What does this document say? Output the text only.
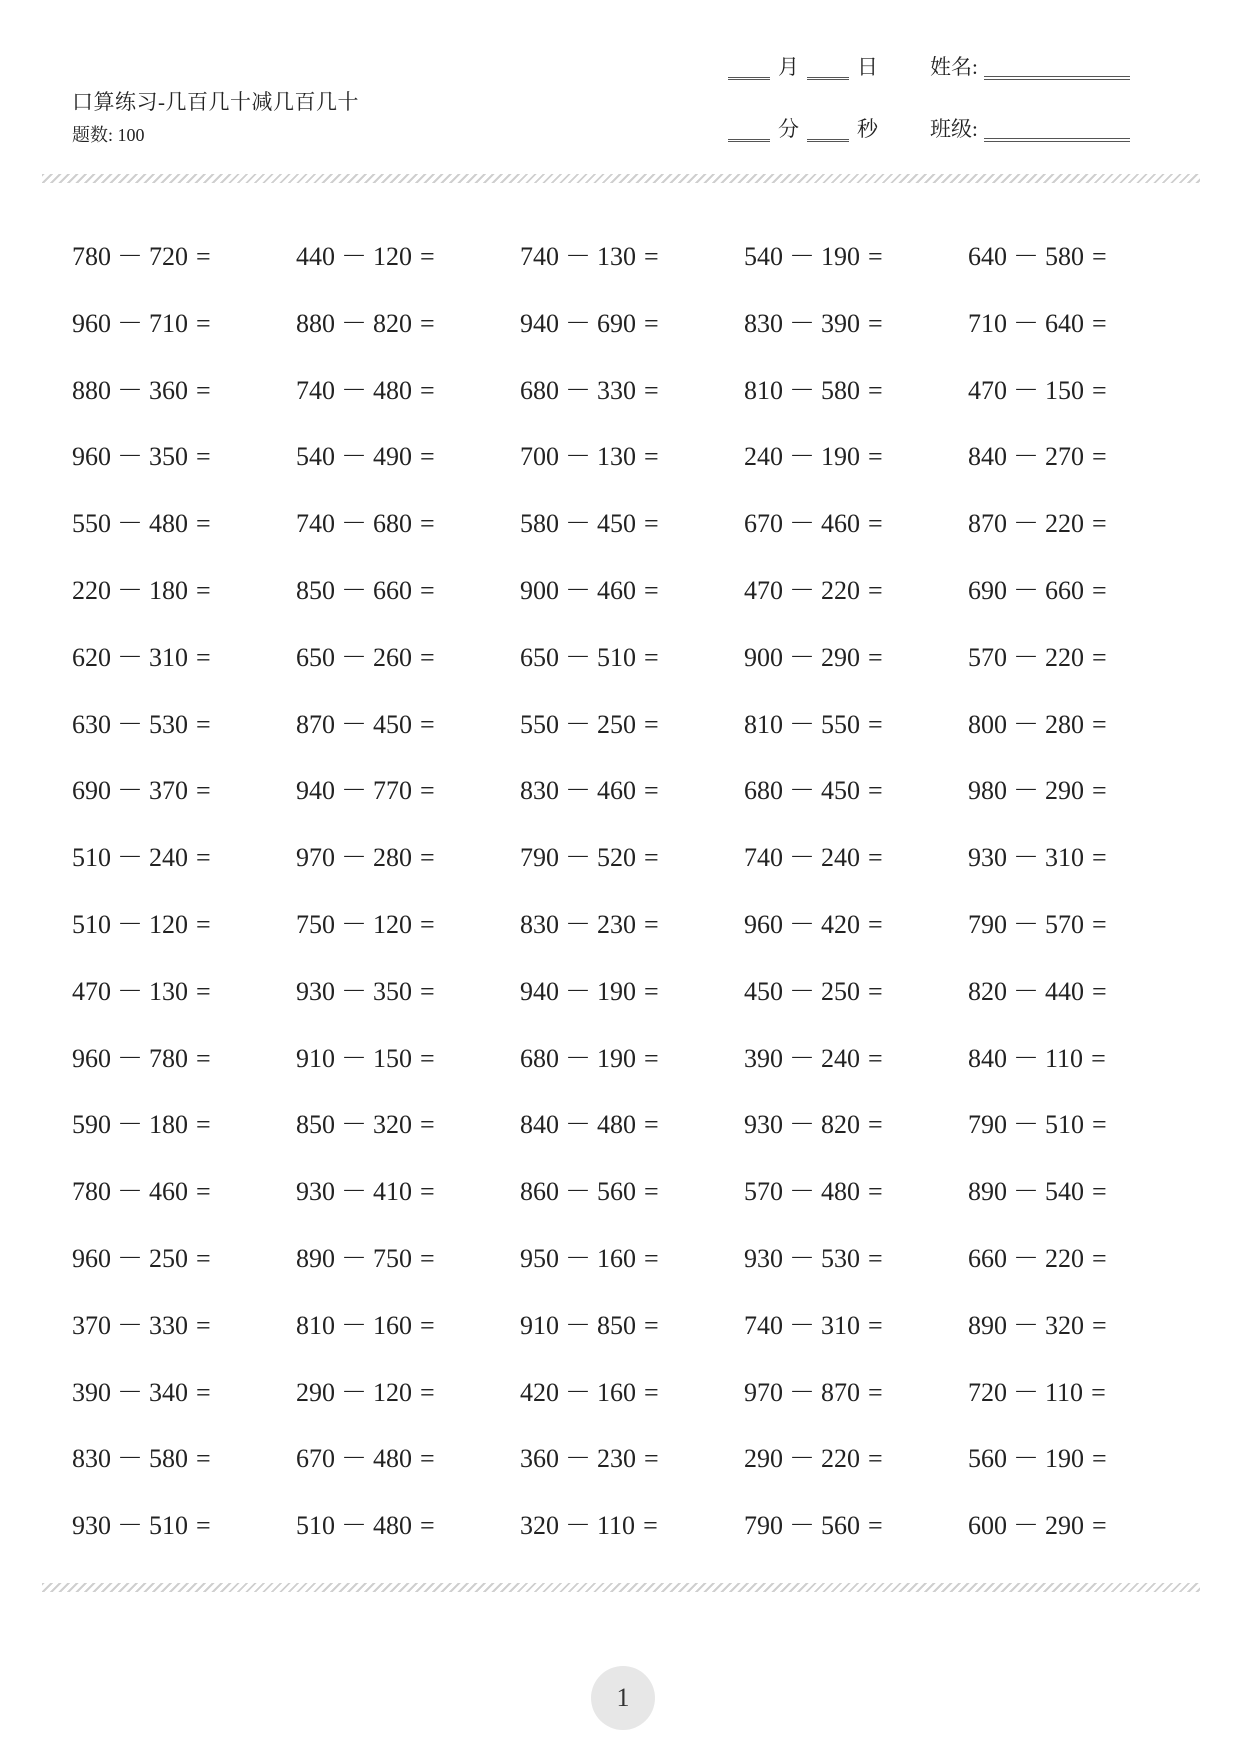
口算练习-几百几十减几百几十
题数: 100
月	日 姓名:
分	秒 班级:
780 － 720 =	440 － 120 =	740 － 130 =	540 － 190 =	640 － 580 =
960 － 710 =	880 － 820 =	940 － 690 =	830 － 390 =	710 － 640 =
880 － 360 =	740 － 480 =	680 － 330 =	810 － 580 =	470 － 150 =
960 － 350 =	540 － 490 =	700 － 130 =	240 － 190 =	840 － 270 =
550 － 480 =	740 － 680 =	580 － 450 =	670 － 460 =	870 － 220 =
220 － 180 =	850 － 660 =	900 － 460 =	470 － 220 =	690 － 660 =
620 － 310 =	650 － 260 =	650 － 510 =	900 － 290 =	570 － 220 =
630 － 530 =	870 － 450 =	550 － 250 =	810 － 550 =	800 － 280 =
690 － 370 =	940 － 770 =	830 － 460 =	680 － 450 =	980 － 290 =
510 － 240 =	970 － 280 =	790 － 520 =	740 － 240 =	930 － 310 =
510 － 120 =	750 － 120 =	830 － 230 =	960 － 420 =	790 － 570 =
470 － 130 =	930 － 350 =	940 － 190 =	450 － 250 =	820 － 440 =
960 － 780 =	910 － 150 =	680 － 190 =	390 － 240 =	840 － 110 =
590 － 180 =	850 － 320 =	840 － 480 =	930 － 820 =	790 － 510 =
780 － 460 =	930 － 410 =	860 － 560 =	570 － 480 =	890 － 540 =
960 － 250 =	890 － 750 =	950 － 160 =	930 － 530 =	660 － 220 =
370 － 330 =	810 － 160 =	910 － 850 =	740 － 310 =	890 － 320 =
390 － 340 =	290 － 120 =	420 － 160 =	970 － 870 =	720 － 110 =
830 － 580 =	670 － 480 =	360 － 230 =	290 － 220 =	560 － 190 =
930 － 510 =	510 － 480 =	320 － 110 =	790 － 560 =	600 － 290 =
1
